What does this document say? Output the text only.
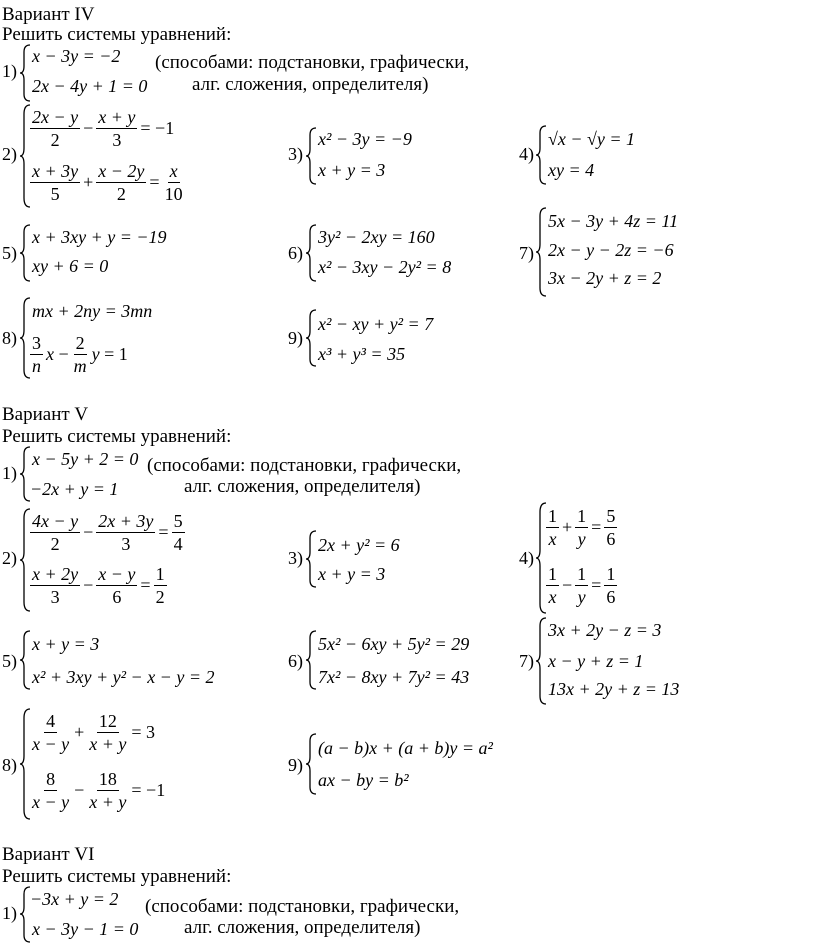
Вариант IV
Решить системы уравнений:
1)
x − 3y = −2
2x − 4y + 1 = 0
(способами: подстановки, графически,
алг. сложения, определителя)
2)
$\frac{2x - y}{2} - \frac{x + y}{3} = -1$
$\frac{x + 3y}{5} + \frac{x - 2y}{2} = \frac{x}{10}$
3)
x² − 3y = −9
x + y = 3
4)
√x − √y = 1
xy = 4
5)
x + 3xy + y = −19
xy + 6 = 0
6)
3y² − 2xy = 160
x² − 3xy − 2y² = 8
7)
5x − 3y + 4z = 11
2x − y − 2z = −6
3x − 2y + z = 2
8)
mx + 2ny = 3mn
$\frac{3}{n}$ $x - \frac{2}{m}$ y = 1
9)
x² − xy + y² = 7
x³ + y³ = 35
Вариант V
Решить системы уравнений:
1)
x − 5y + 2 = 0
−2x + y = 1
(способами: подстановки, графически,
алг. сложения, определителя)
2)
$\frac{4x - y}{2} - \frac{2x + 3y}{3} = \frac{5}{4}$
$\frac{x + 2y}{3} - \frac{x - y}{6} = \frac{1}{2}$
3)
2x + y² = 6
x + y = 3
4)
$\frac{1}{x} + \frac{1}{y} = \frac{5}{6}$
$\frac{1}{x} - \frac{1}{y} = \frac{1}{6}$
5)
x + y = 3
x² + 3xy + y² − x − y = 2
6)
5x² − 6xy + 5y² = 29
7x² − 8xy + 7y² = 43
7)
3x + 2y − z = 3
x − y + z = 1
13x + 2y + z = 13
8)
$\frac{4}{x - y} + \frac{12}{x + y} = 3$
$\frac{8}{x - y} - \frac{18}{x + y} = -1$
9)
(a − b)x + (a + b)y = a²
ax − by = b²
Вариант VI
Решить системы уравнений:
1)
−3x + y = 2
x − 3y − 1 = 0
(способами: подстановки, графически,
алг. сложения, определителя)
